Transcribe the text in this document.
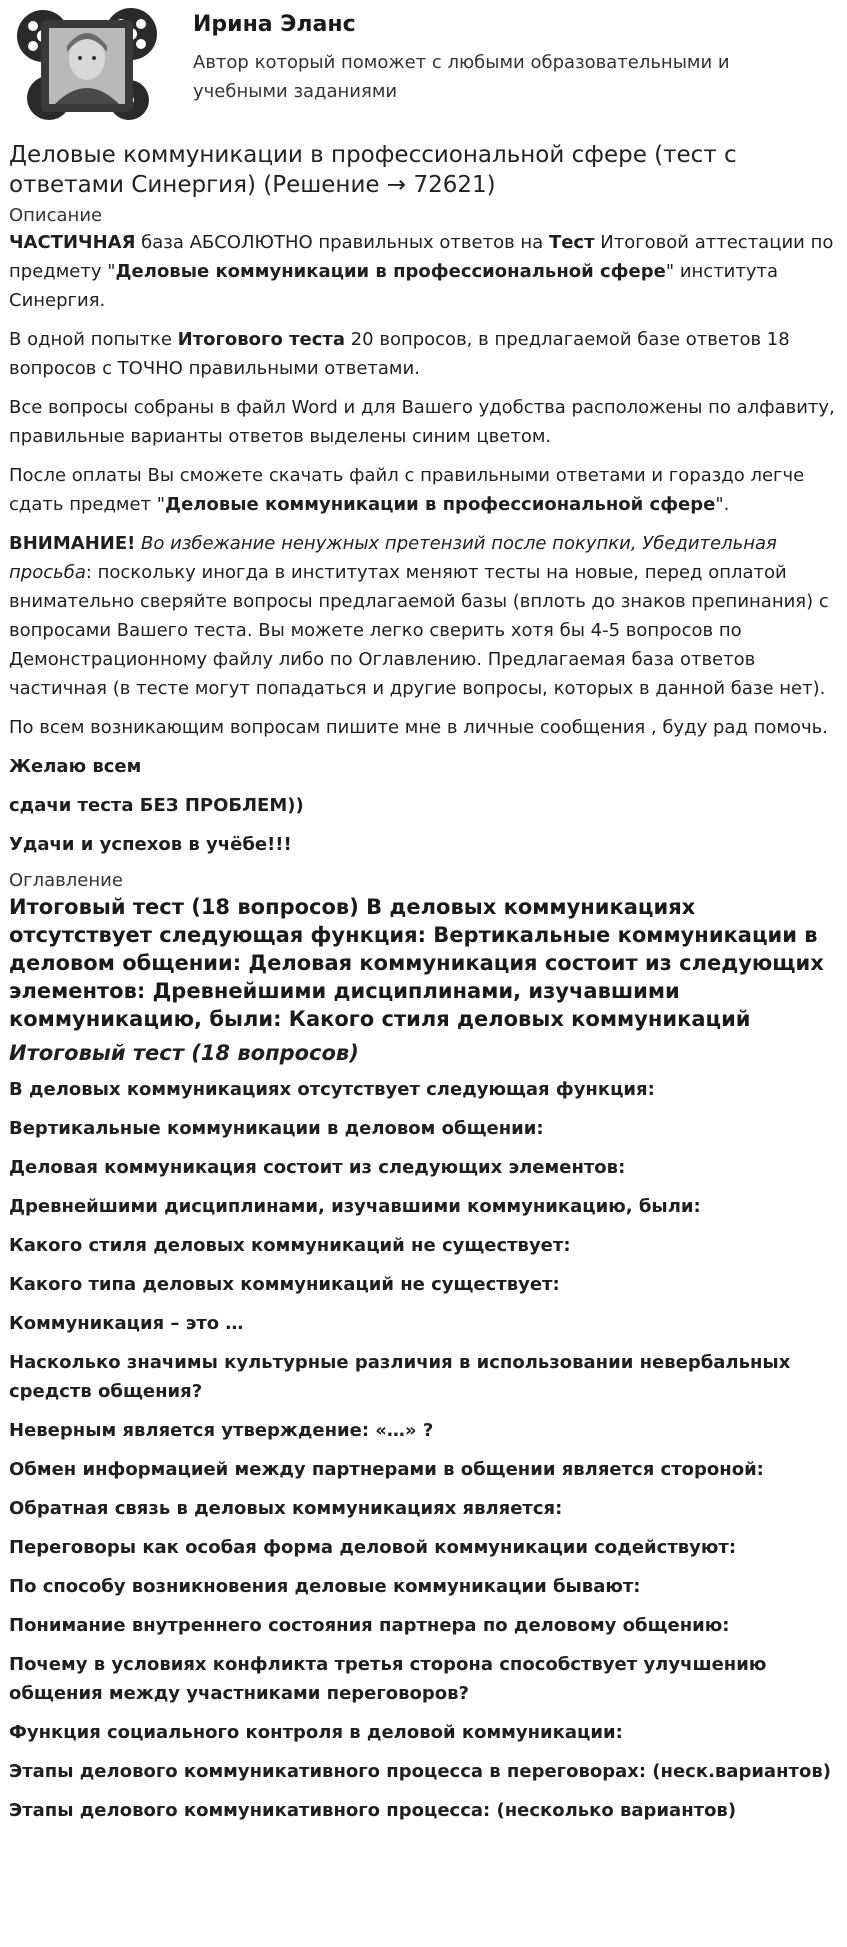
Ирина Эланс
Автор который поможет с любыми образовательными и учебными заданиями
Деловые коммуникации в профессиональной сфере (тест с ответами Синергия) (Решение → 72621)
Описание

ЧАСТИЧНАЯ база АБСОЛЮТНО правильных ответов на Тест Итоговой аттестации по предмету "Деловые коммуникации в профессиональной сфере" института Синергия.

В одной попытке Итогового теста 20 вопросов, в предлагаемой базе ответов 18 вопросов с ТОЧНО правильными ответами.

Все вопросы собраны в файл Word и для Вашего удобства расположены по алфавиту, правильные варианты ответов выделены синим цветом.

После оплаты Вы сможете скачать файл с правильными ответами и гораздо легче сдать предмет "Деловые коммуникации в профессиональной сфере".

ВНИМАНИЕ! Во избежание ненужных претензий после покупки, Убедительная просьба: поскольку иногда в институтах меняют тесты на новые, перед оплатой внимательно сверяйте вопросы предлагаемой базы (вплоть до знаков препинания) с вопросами Вашего теста. Вы можете легко сверить хотя бы 4-5 вопросов по Демонстрационному файлу либо по Оглавлению. Предлагаемая база ответов частичная (в тесте могут попадаться и другие вопросы, которых в данной базе нет).

По всем возникающим вопросам пишите мне в личные сообщения , буду рад помочь.

Желаю всем

сдачи теста БЕЗ ПРОБЛЕМ))

Удачи и успехов в учёбе!!!

Оглавление
Итоговый тест (18 вопросов) В деловых коммуникациях отсутствует следующая функция: Вертикальные коммуникации в деловом общении: Деловая коммуникация состоит из следующих элементов: Древнейшими дисциплинами, изучавшими коммуникацию, были: Какого стиля деловых коммуникаций
Итоговый тест (18 вопросов)

В деловых коммуникациях отсутствует следующая функция:

Вертикальные коммуникации в деловом общении:

Деловая коммуникация состоит из следующих элементов:

Древнейшими дисциплинами, изучавшими коммуникацию, были:

Какого стиля деловых коммуникаций не существует:

Какого типа деловых коммуникаций не существует:

Коммуникация – это …

Насколько значимы культурные различия в использовании невербальных средств общения?

Неверным является утверждение: «…» ?

Обмен информацией между партнерами в общении является стороной:

Обратная связь в деловых коммуникациях является:

Переговоры как особая форма деловой коммуникации содействуют:

По способу возникновения деловые коммуникации бывают:

Понимание внутреннего состояния партнера по деловому общению:

Почему в условиях конфликта третья сторона способствует улучшению общения между участниками переговоров?

Функция социального контроля в деловой коммуникации:

Этапы делового коммуникативного процесса в переговорах: (неск.вариантов)

Этапы делового коммуникативного процесса: (несколько вариантов)
